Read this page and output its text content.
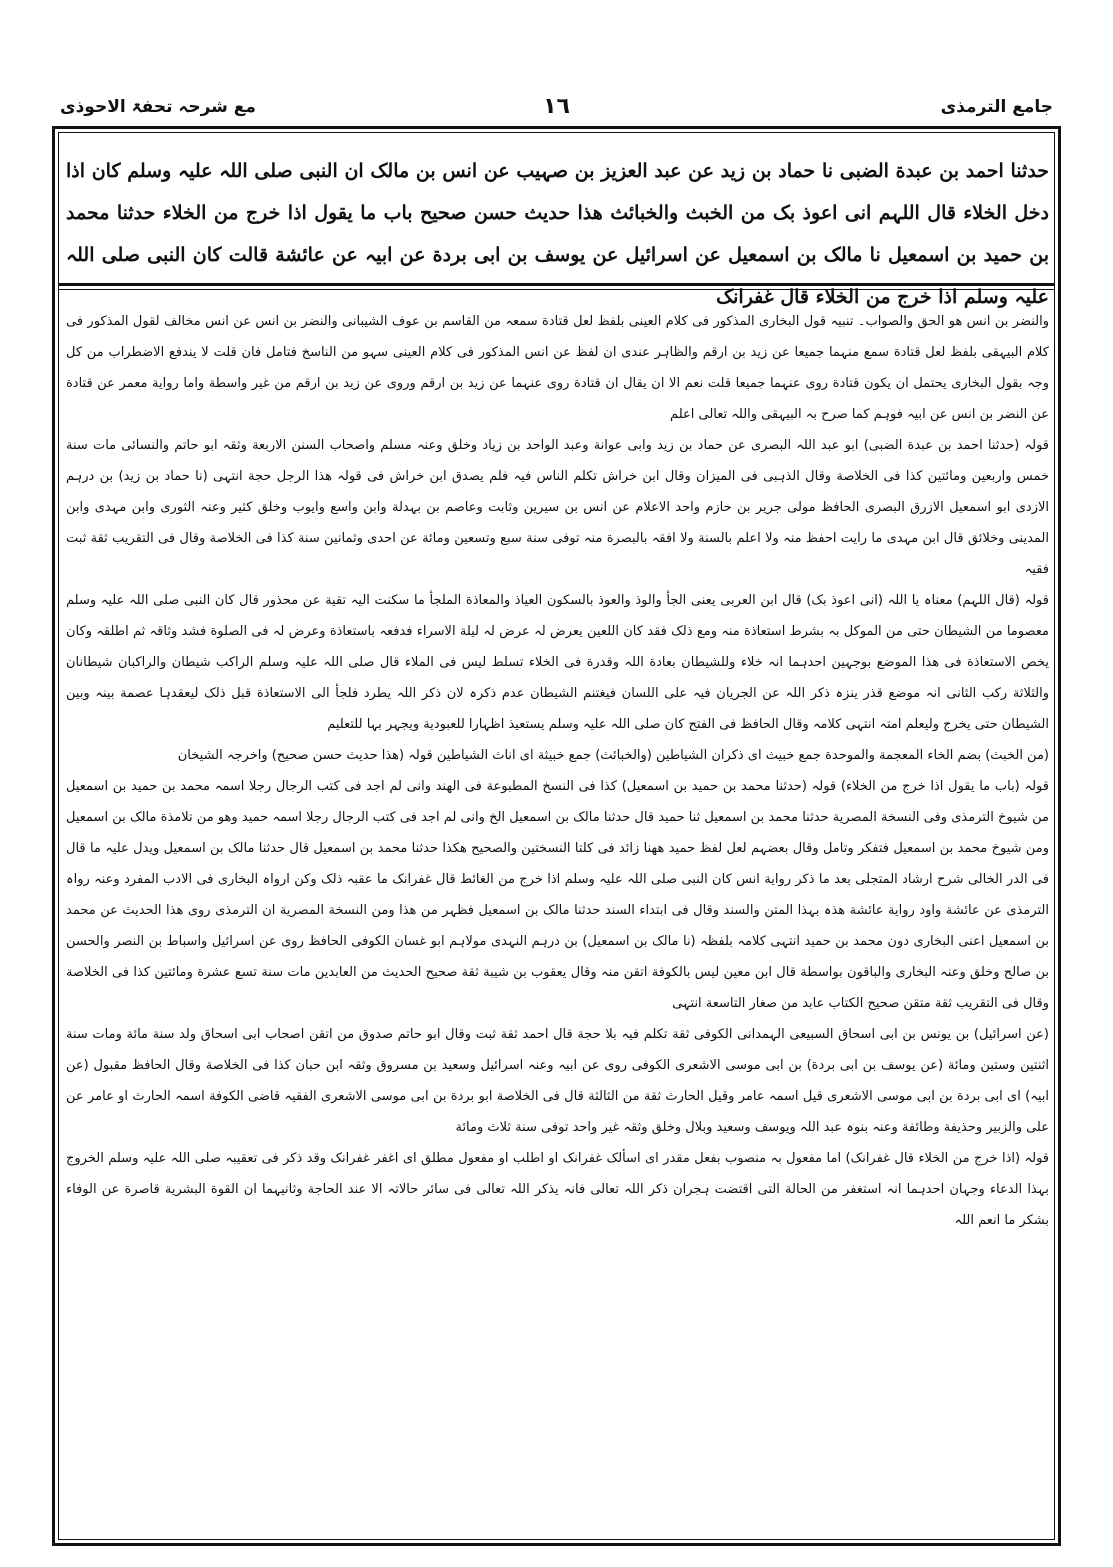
جامع الترمذی
١٦
مع شرحہ تحفۃ الاحوذی
حدثنا احمد بن عبدة الضبی نا حماد بن زید عن عبد العزیز بن صہیب عن انس بن مالک ان النبی صلی اللہ علیہ وسلم کان اذا دخل الخلاء قال اللہم انی اعوذ بک من الخبث والخبائث هذا حدیث حسن صحیح باب ما یقول اذا خرج من الخلاء حدثنا محمد بن حمید بن اسمعیل نا مالک بن اسمعیل عن اسرائیل عن یوسف بن ابی بردة عن ابیہ عن عائشة قالت کان النبی صلی اللہ علیہ وسلم اذا خرج من الخلاء قال غفرانک

والنضر بن انس هو الحق والصواب۔ تنبیہ قول البخاری المذکور فی کلام العینی بلفظ لعل قتادة سمعہ من القاسم بن عوف الشیبانی والنضر بن انس عن انس مخالف لقول المذکور فی کلام البیہقی بلفظ لعل قتادة سمع منہما جمیعا عن زید بن ارقم والظاہر عندی ان لفظ عن انس المذکور فی کلام العینی سہو من الناسخ فتامل فان قلت لا یندفع الاضطراب من کل وجہ بقول البخاری یحتمل ان یکون قتادة روی عنہما جمیعا قلت نعم الا ان یقال ان قتادة روی عنہما عن زید بن ارقم وروی عن زید بن ارقم من غیر واسطة واما روایة معمر عن قتادة عن النضر بن انس عن ابیہ فوہم کما صرح بہ البیہقی واللہ تعالی اعلم

قولہ (حدثنا احمد بن عبدة الضبی) ابو عبد اللہ البصری عن حماد بن زید وابی عوانة وعبد الواحد بن زیاد وخلق وعنہ مسلم واصحاب السنن الاربعة وثقہ ابو حاتم والنسائی مات سنة خمس واربعین ومائتین کذا فی الخلاصة وقال الذہبی فی المیزان وقال ابن خراش تکلم الناس فیہ فلم یصدق ابن خراش فی قولہ هذا الرجل حجة انتہی (نا حماد بن زید) بن درہم الازدی ابو اسمعیل الازرق البصری الحافظ مولی جریر بن حازم واحد الاعلام عن انس بن سیرین وثابت وعاصم بن بہدلة وابن واسع وایوب وخلق کثیر وعنہ الثوری وابن مہدی وابن المدینی وخلائق قال ابن مہدی ما رایت احفظ منہ ولا اعلم بالسنة ولا افقہ بالبصرة منہ توفی سنة سبع وتسعین ومائة عن احدی وثمانین سنة کذا فی الخلاصة وقال فی التقریب ثقة ثبت فقیہ

قولہ (قال اللہم) معناہ یا اللہ (انی اعوذ بک) قال ابن العربی یعنی الجأ والوذ والعوذ بالسکون العیاذ والمعاذة الملجأ ما سکنت الیہ تقیة عن محذور قال کان النبی صلی اللہ علیہ وسلم معصوما من الشیطان حتی من الموکل بہ بشرط استعاذة منہ ومع ذلک فقد کان اللعین یعرض لہ عرض لہ لیلة الاسراء فدفعہ باستعاذة وعرض لہ فی الصلوة فشد وثاقہ ثم اطلقہ وکان یخص الاستعاذة فی هذا الموضع بوجہین احدہما انہ خلاء وللشیطان بعادة اللہ وقدرة فی الخلاء تسلط لیس فی الملاء قال صلی اللہ علیہ وسلم الراکب شیطان والراکبان شیطانان والثلاثة رکب الثانی انہ موضع قذر ینزہ ذکر اللہ عن الجریان فیہ علی اللسان فیغتنم الشیطان عدم ذکرہ لان ذکر اللہ یطرد فلجأ الی الاستعاذة قبل ذلک لیعقدہا عصمة بینہ وبین الشیطان حتی یخرج ولیعلم امتہ انتہی کلامہ وقال الحافظ فی الفتح کان صلی اللہ علیہ وسلم یستعیذ اظہارا للعبودیة ویجہر بہا للتعلیم

(من الخبث) بضم الخاء المعجمة والموحدة جمع خبیث ای ذکران الشیاطین (والخبائث) جمع خبیثة ای اناث الشیاطین قولہ (هذا حدیث حسن صحیح) واخرجہ الشیخان

قولہ (باب ما یقول اذا خرج من الخلاء) قولہ (حدثنا محمد بن حمید بن اسمعیل) کذا فی النسخ المطبوعة فی الهند وانی لم اجد فی کتب الرجال رجلا اسمہ محمد بن حمید بن اسمعیل من شیوخ الترمذی وفی النسخة المصریة حدثنا محمد بن اسمعیل ثنا حمید قال حدثنا مالک بن اسمعیل الخ وانی لم اجد فی کتب الرجال رجلا اسمہ حمید وهو من تلامذة مالک بن اسمعیل ومن شیوخ محمد بن اسمعیل فتفکر وتامل وقال بعضہم لعل لفظ حمید ههنا زائد فی کلتا النسختین والصحیح هکذا حدثنا محمد بن اسمعیل قال حدثنا مالک بن اسمعیل ویدل علیہ ما قال فی الدر الخالی شرح ارشاد المتجلی بعد ما ذکر روایة انس کان النبی صلی اللہ علیہ وسلم اذا خرج من الغائط قال غفرانک ما عقبہ ذلک وکن ارواہ البخاری فی الادب المفرد وعنہ رواہ الترمذی عن عائشة واود روایة عائشة هذہ بہذا المتن والسند وقال فی ابتداء السند حدثنا مالک بن اسمعیل فظہر من هذا ومن النسخة المصریة ان الترمذی روی هذا الحدیث عن محمد بن اسمعیل اعنی البخاری دون محمد بن حمید انتہی کلامہ بلفظہ (نا مالک بن اسمعیل) بن درہم النہدی مولاہم ابو غسان الکوفی الحافظ روی عن اسرائیل واسباط بن النصر والحسن بن صالح وخلق وعنہ البخاری والباقون بواسطة قال ابن معین لیس بالکوفة اتقن منہ وقال یعقوب بن شیبة ثقة صحیح الحدیث من العابدین مات سنة تسع عشرة ومائتین کذا فی الخلاصة وقال فی التقریب ثقة متقن صحیح الکتاب عابد من صغار التاسعة انتہی

(عن اسرائیل) بن یونس بن ابی اسحاق السبیعی الہمدانی الکوفی ثقة تکلم فیہ بلا حجة قال احمد ثقة ثبت وقال ابو حاتم صدوق من اتقن اصحاب ابی اسحاق ولد سنة مائة ومات سنة اثنتین وستین ومائة (عن یوسف بن ابی بردة) بن ابی موسی الاشعری الکوفی روی عن ابیہ وعنہ اسرائیل وسعید بن مسروق وثقہ ابن حبان کذا فی الخلاصة وقال الحافظ مقبول (عن ابیہ) ای ابی بردة بن ابی موسی الاشعری قیل اسمہ عامر وقیل الحارث ثقة من الثالثة قال فی الخلاصة ابو بردة بن ابی موسی الاشعری الفقیہ قاضی الکوفة اسمہ الحارث او عامر عن علی والزبیر وحذیفة وطائفة وعنہ بنوہ عبد اللہ ویوسف وسعید وبلال وخلق وثقہ غیر واحد توفی سنة ثلاث ومائة

قولہ (اذا خرج من الخلاء قال غفرانک) اما مفعول بہ منصوب بفعل مقدر ای اسألک غفرانک او اطلب او مفعول مطلق ای اغفر غفرانک وقد ذکر فی تعقیبہ صلی اللہ علیہ وسلم الخروج بہذا الدعاء وجہان احدہما انہ استغفر من الحالة التی اقتضت ہجران ذکر اللہ تعالی فانہ یذکر اللہ تعالی فی سائر حالاتہ الا عند الحاجة وثانیہما ان القوة البشریة قاصرة عن الوفاء بشکر ما انعم اللہ
